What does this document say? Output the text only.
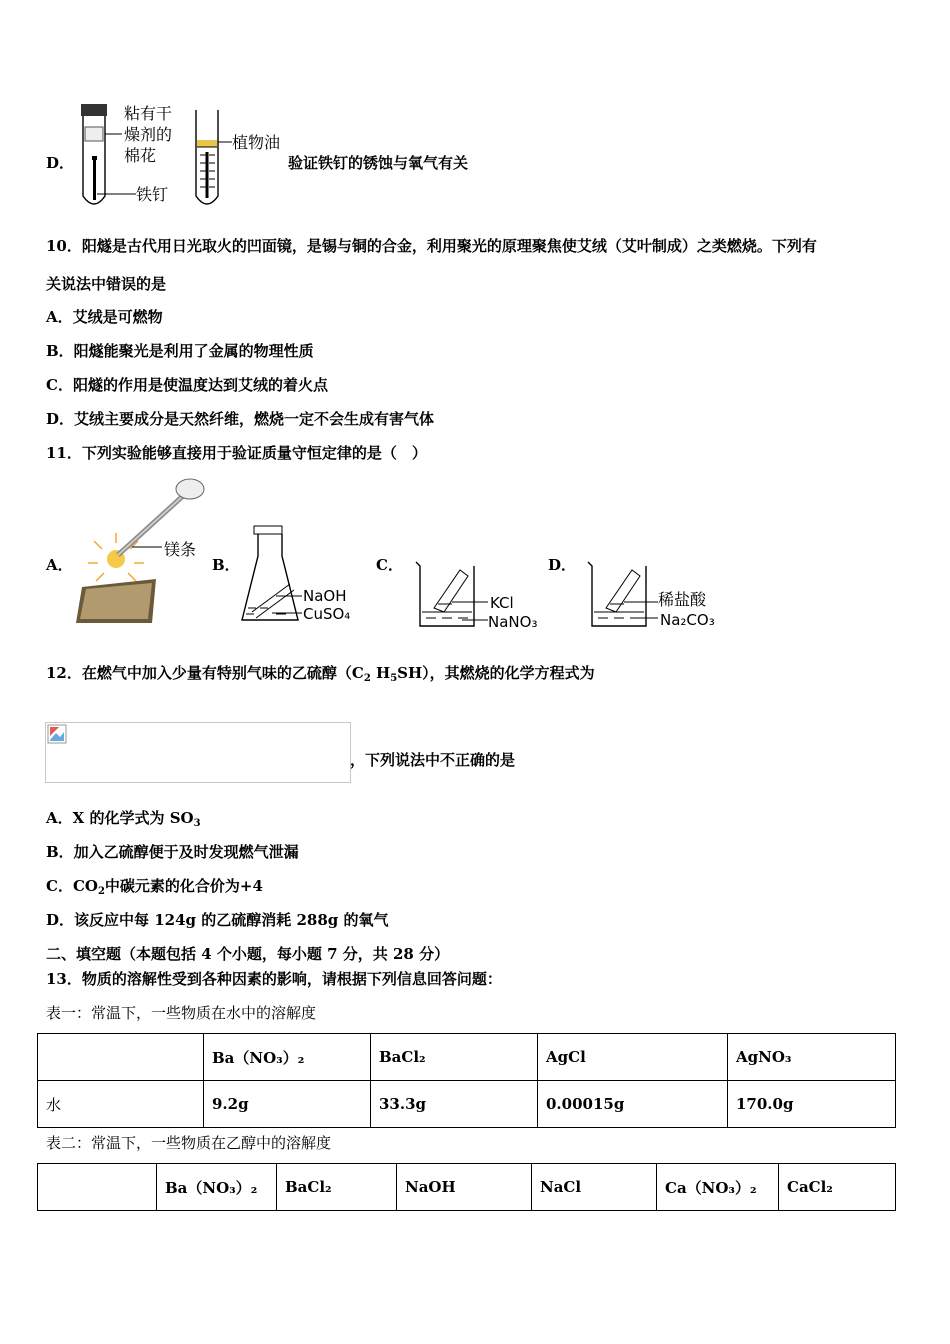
D．
粘有干
燥剂的
棉花
铁钉
植物油
验证铁钉的锈蚀与氧气有关
10．阳燧是古代用日光取火的凹面镜，是锡与铜的合金，利用聚光的原理聚焦使艾绒（艾叶制成）之类燃烧。下列有
关说法中错误的是
A．艾绒是可燃物
B．阳燧能聚光是利用了金属的物理性质
C．阳燧的作用是使温度达到艾绒的着火点
D．艾绒主要成分是天然纤维，燃烧一定不会生成有害气体
11．下列实验能够直接用于验证质量守恒定律的是（　）
A．
镁条
B．
NaOH
CuSO₄
C．
KCl
NaNO₃
D．
稀盐酸
Na₂CO₃
12．在燃气中加入少量有特别气味的乙硫醇（$C_2$ $H_5SH$），其燃烧的化学方程式为
，下列说法中不正确的是
A．X 的化学式为 $SO_3$
B．加入乙硫醇便于及时发现燃气泄漏
C．$CO_2$中碳元素的化合价为+4
D．该反应中每 124g 的乙硫醇消耗 288g 的氧气
二、填空题（本题包括 4 个小题，每小题 7 分，共 28 分）
13．物质的溶解性受到各种因素的影响，请根据下列信息回答问题：
表一：常温下，一些物质在水中的溶解度
	Ba（NO₃）₂	BaCl₂	AgCl	AgNO₃
水	9.2g	33.3g	0.00015g	170.0g
表二：常温下，一些物质在乙醇中的溶解度
	Ba（NO₃）₂	BaCl₂	NaOH	NaCl	Ca（NO₃）₂	CaCl₂
